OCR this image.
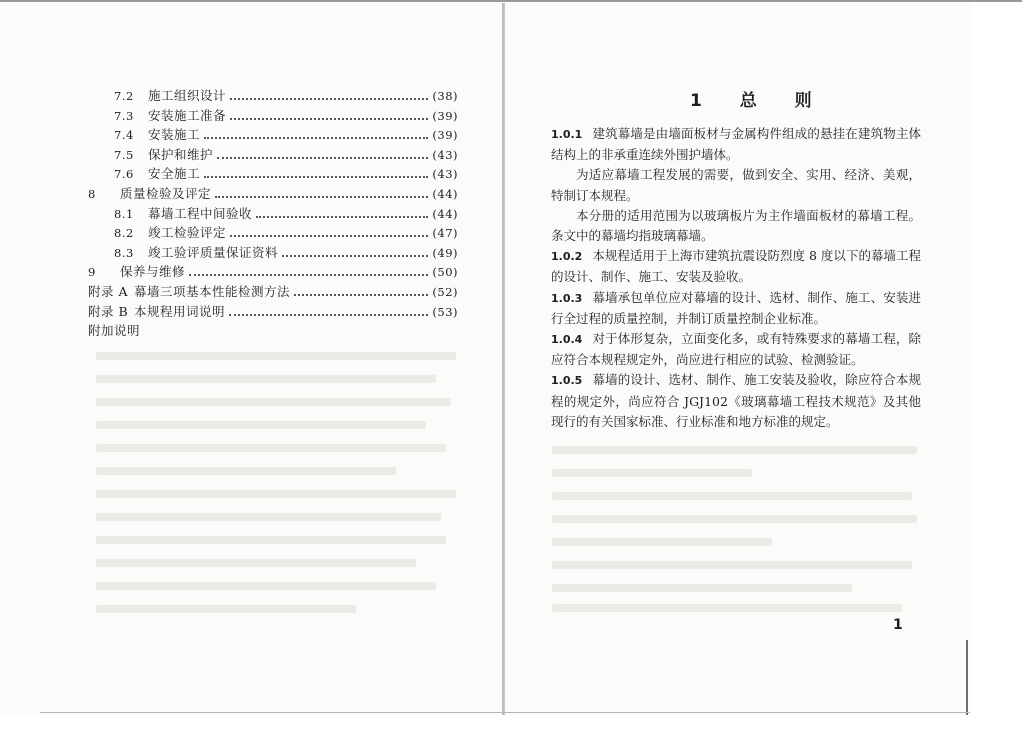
7.2	施工组织设计	(38)
7.3	安装施工准备	(39)
7.4	安装施工	(39)
7.5	保护和维护	(43)
7.6	安全施工	(43)
8	质量检验及评定	(44)
8.1	幕墙工程中间验收	(44)
8.2	竣工检验评定	(47)
8.3	竣工验评质量保证资料	(49)
9	保养与维修	(50)
附录 A 幕墙三项基本性能检测方法	(52)
附录 B 本规程用词说明	(53)
附加说明
1 总 则

1.0.1 建筑幕墙是由墙面板材与金属构件组成的悬挂在建筑物主体结构上的非承重连续外围护墙体。

为适应幕墙工程发展的需要，做到安全、实用、经济、美观，特制订本规程。

本分册的适用范围为以玻璃板片为主作墙面板材的幕墙工程。条文中的幕墙均指玻璃幕墙。

1.0.2 本规程适用于上海市建筑抗震设防烈度 8 度以下的幕墙工程的设计、制作、施工、安装及验收。

1.0.3 幕墙承包单位应对幕墙的设计、选材、制作、施工、安装进行全过程的质量控制，并制订质量控制企业标准。

1.0.4 对于体形复杂，立面变化多，或有特殊要求的幕墙工程，除应符合本规程规定外，尚应进行相应的试验、检测验证。

1.0.5 幕墙的设计、选材、制作、施工安装及验收，除应符合本规程的规定外，尚应符合 JGJ102《玻璃幕墙工程技术规范》及其他现行的有关国家标准、行业标准和地方标准的规定。

1
